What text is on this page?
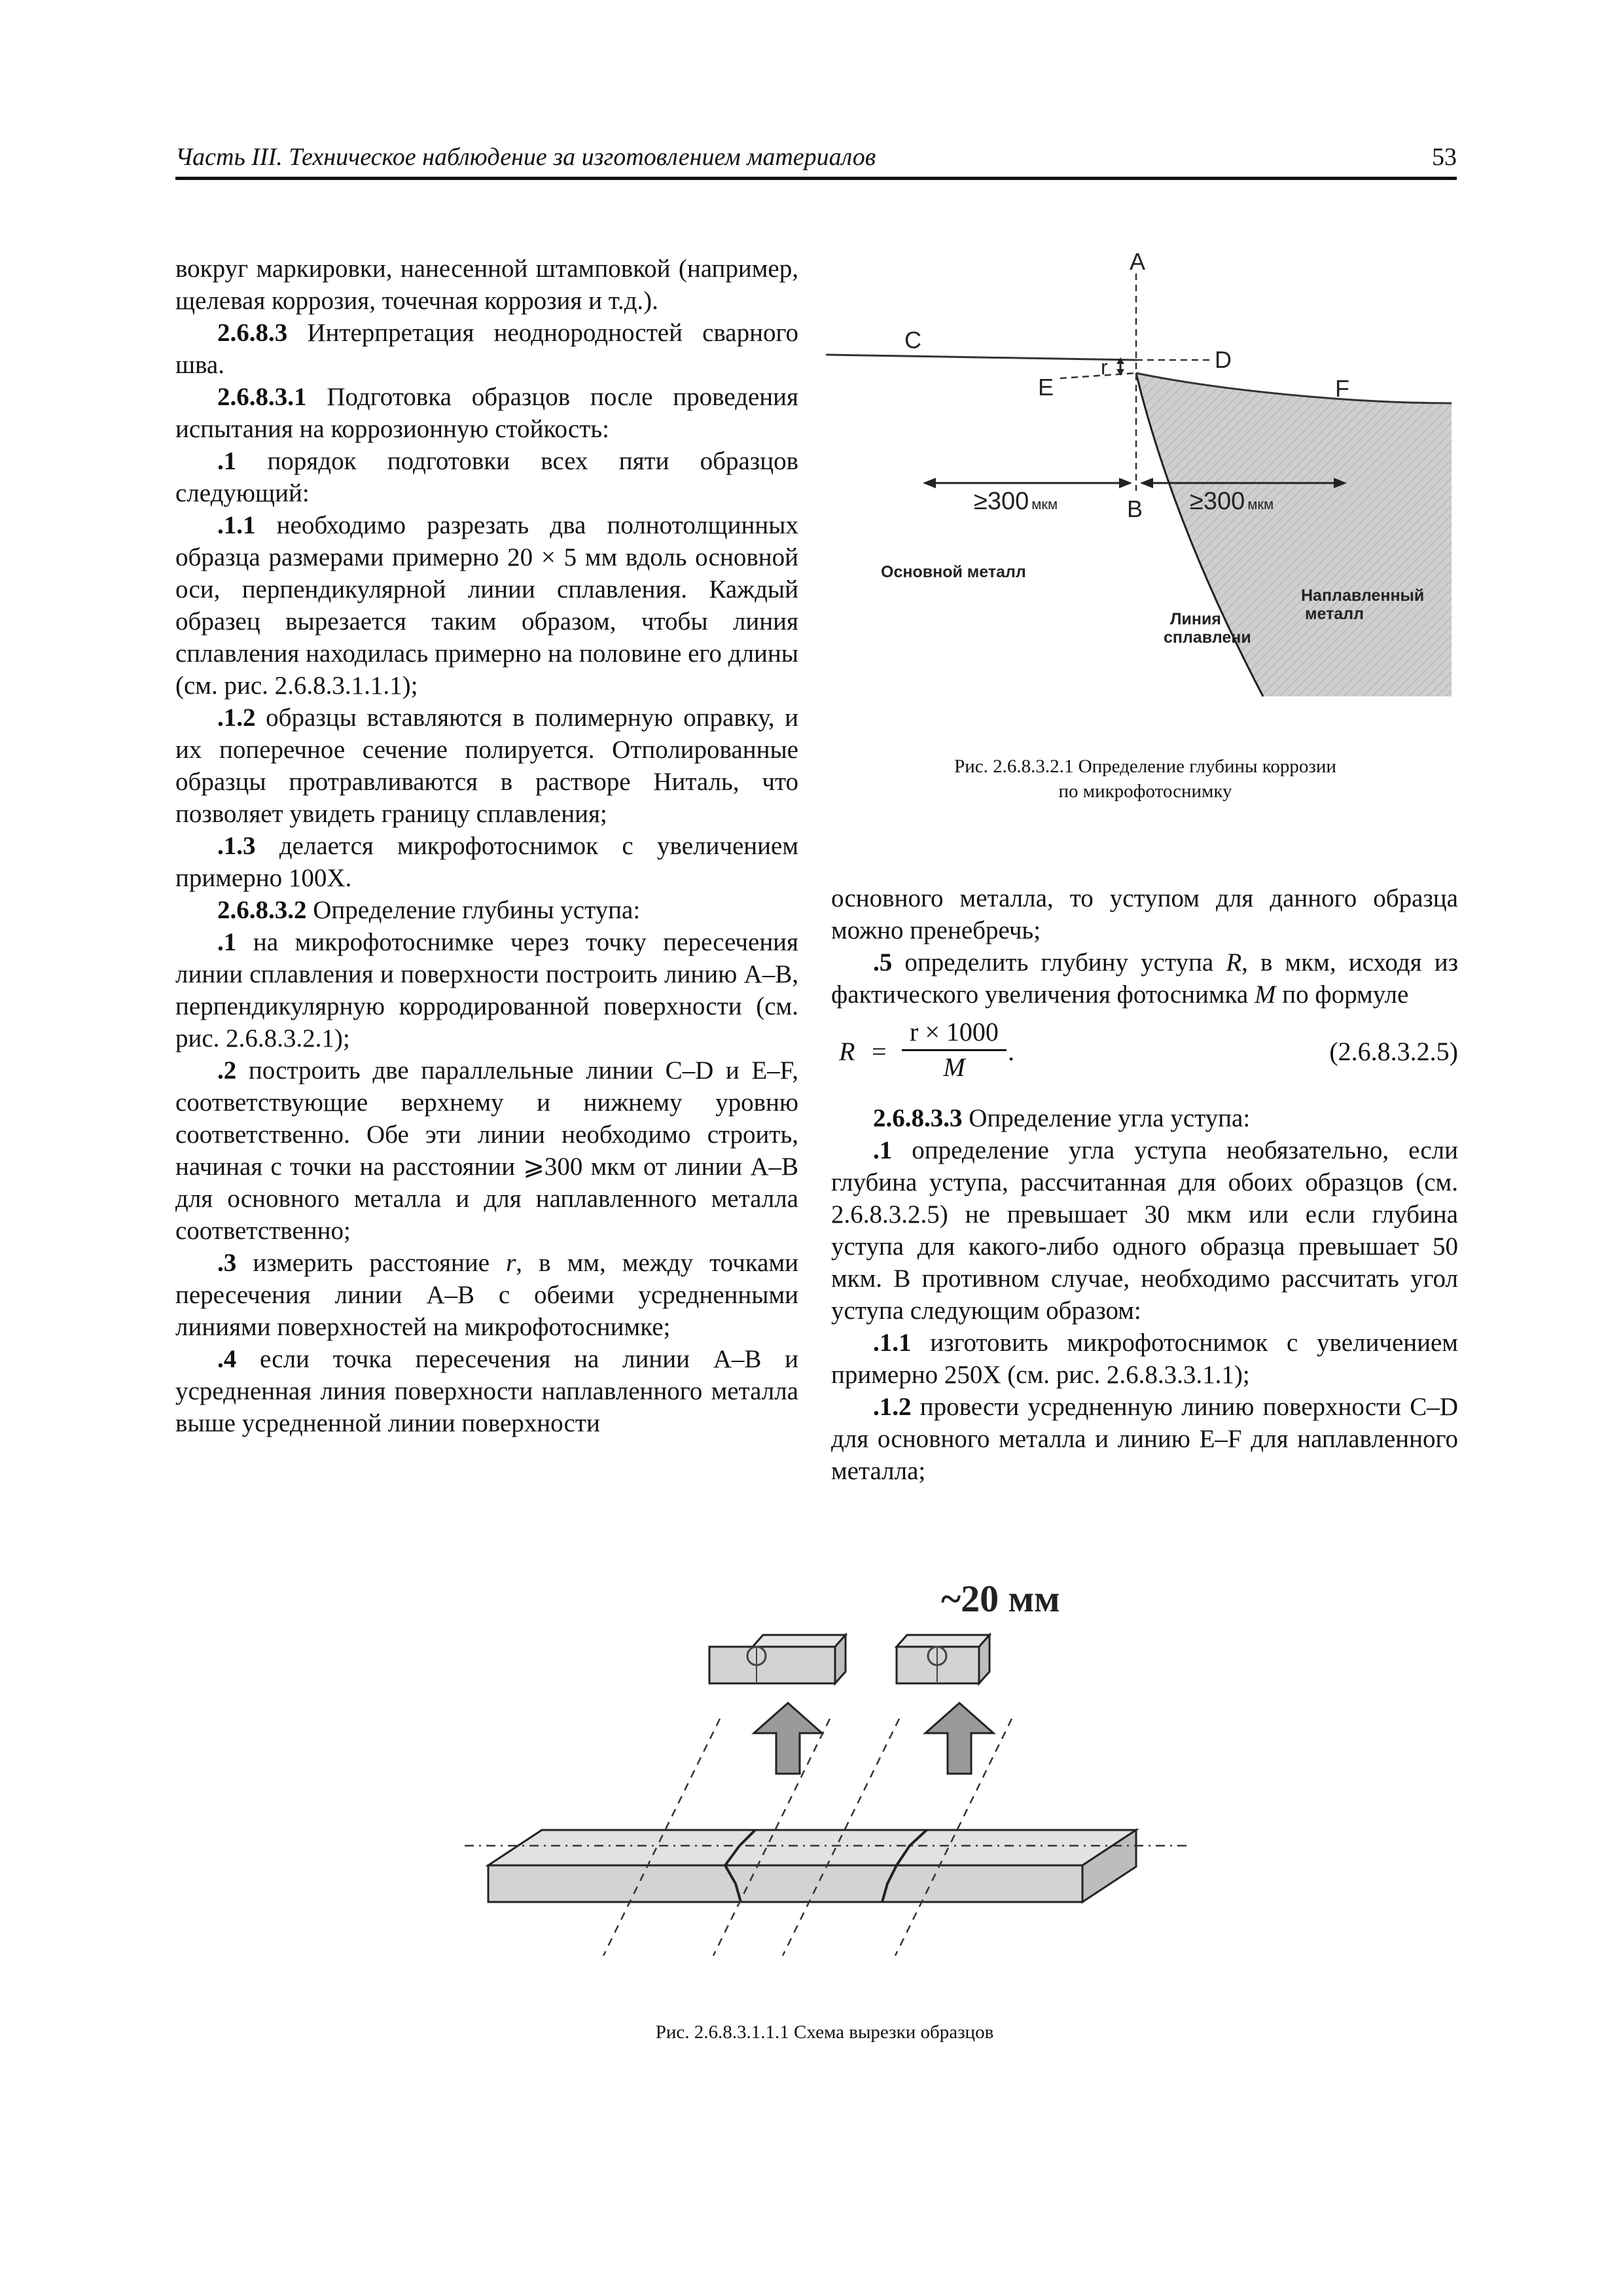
Часть III. Техническое наблюдение за изготовлением материалов	53

вокруг маркировки, нанесенной штамповкой (например, щелевая коррозия, точечная коррозия и т.д.).

2.6.8.3 Интерпретация неоднородностей сварного шва.

2.6.8.3.1 Подготовка образцов после проведения испытания на коррозионную стойкость:

.1 порядок подготовки всех пяти образцов следующий:

.1.1 необходимо разрезать два полнотолщинных образца размерами примерно 20 × 5 мм вдоль основной оси, перпендикулярной линии сплавления. Каждый образец вырезается таким образом, чтобы линия сплавления находилась примерно на половине его длины (см. рис. 2.6.8.3.1.1.1);

.1.2 образцы вставляются в полимерную оправку, и их поперечное сечение полируется. Отполированные образцы протравливаются в растворе Ниталь, что позволяет увидеть границу сплавления;

.1.3 делается микрофотоснимок с увеличением примерно 100Х.

2.6.8.3.2 Определение глубины уступа:

.1 на микрофотоснимке через точку пересечения линии сплавления и поверхности построить линию А–В, перпендикулярную корродированной поверхности (см. рис. 2.6.8.3.2.1);

.2 построить две параллельные линии C–D и E–F, соответствующие верхнему и нижнему уровню соответственно. Обе эти линии необходимо строить, начиная с точки на расстоянии ⩾300 мкм от линии А–В для основного металла и для наплавленного металла соответственно;

.3 измерить расстояние r, в мм, между точками пересечения линии А–В с обеими усредненными линиями поверхностей на микрофотоснимке;

.4 если точка пересечения на линии А–В и усредненная линия поверхности наплавленного металла выше усредненной линии поверхности

A
C
D
E	F
r
B
≥300 мкм	≥300 мкм
Основной металл
Наплавленный
металл
Линия
сплавлени
Рис. 2.6.8.3.2.1 Определение глубины коррозии
по микрофотоснимку

основного металла, то уступом для данного образца можно пренебречь;

.5 определить глубину уступа R, в мкм, исходя из фактического увеличения фотоснимка M по формуле

$R = \frac{r \times 1000}{M}$ .	(2.6.8.3.2.5)

2.6.8.3.3 Определение угла уступа:

.1 определение угла уступа необязательно, если глубина уступа, рассчитанная для обоих образцов (см. 2.6.8.3.2.5) не превышает 30 мкм или если глубина уступа для какого-либо одного образца превышает 50 мкм. В противном случае, необходимо рассчитать угол уступа следующим образом:

.1.1 изготовить микрофотоснимок с увеличением примерно 250Х (см. рис. 2.6.8.3.3.1.1);

.1.2 провести усредненную линию поверхности C–D для основного металла и линию E–F для наплавленного металла;

~20 мм
Рис. 2.6.8.3.1.1.1 Схема вырезки образцов
